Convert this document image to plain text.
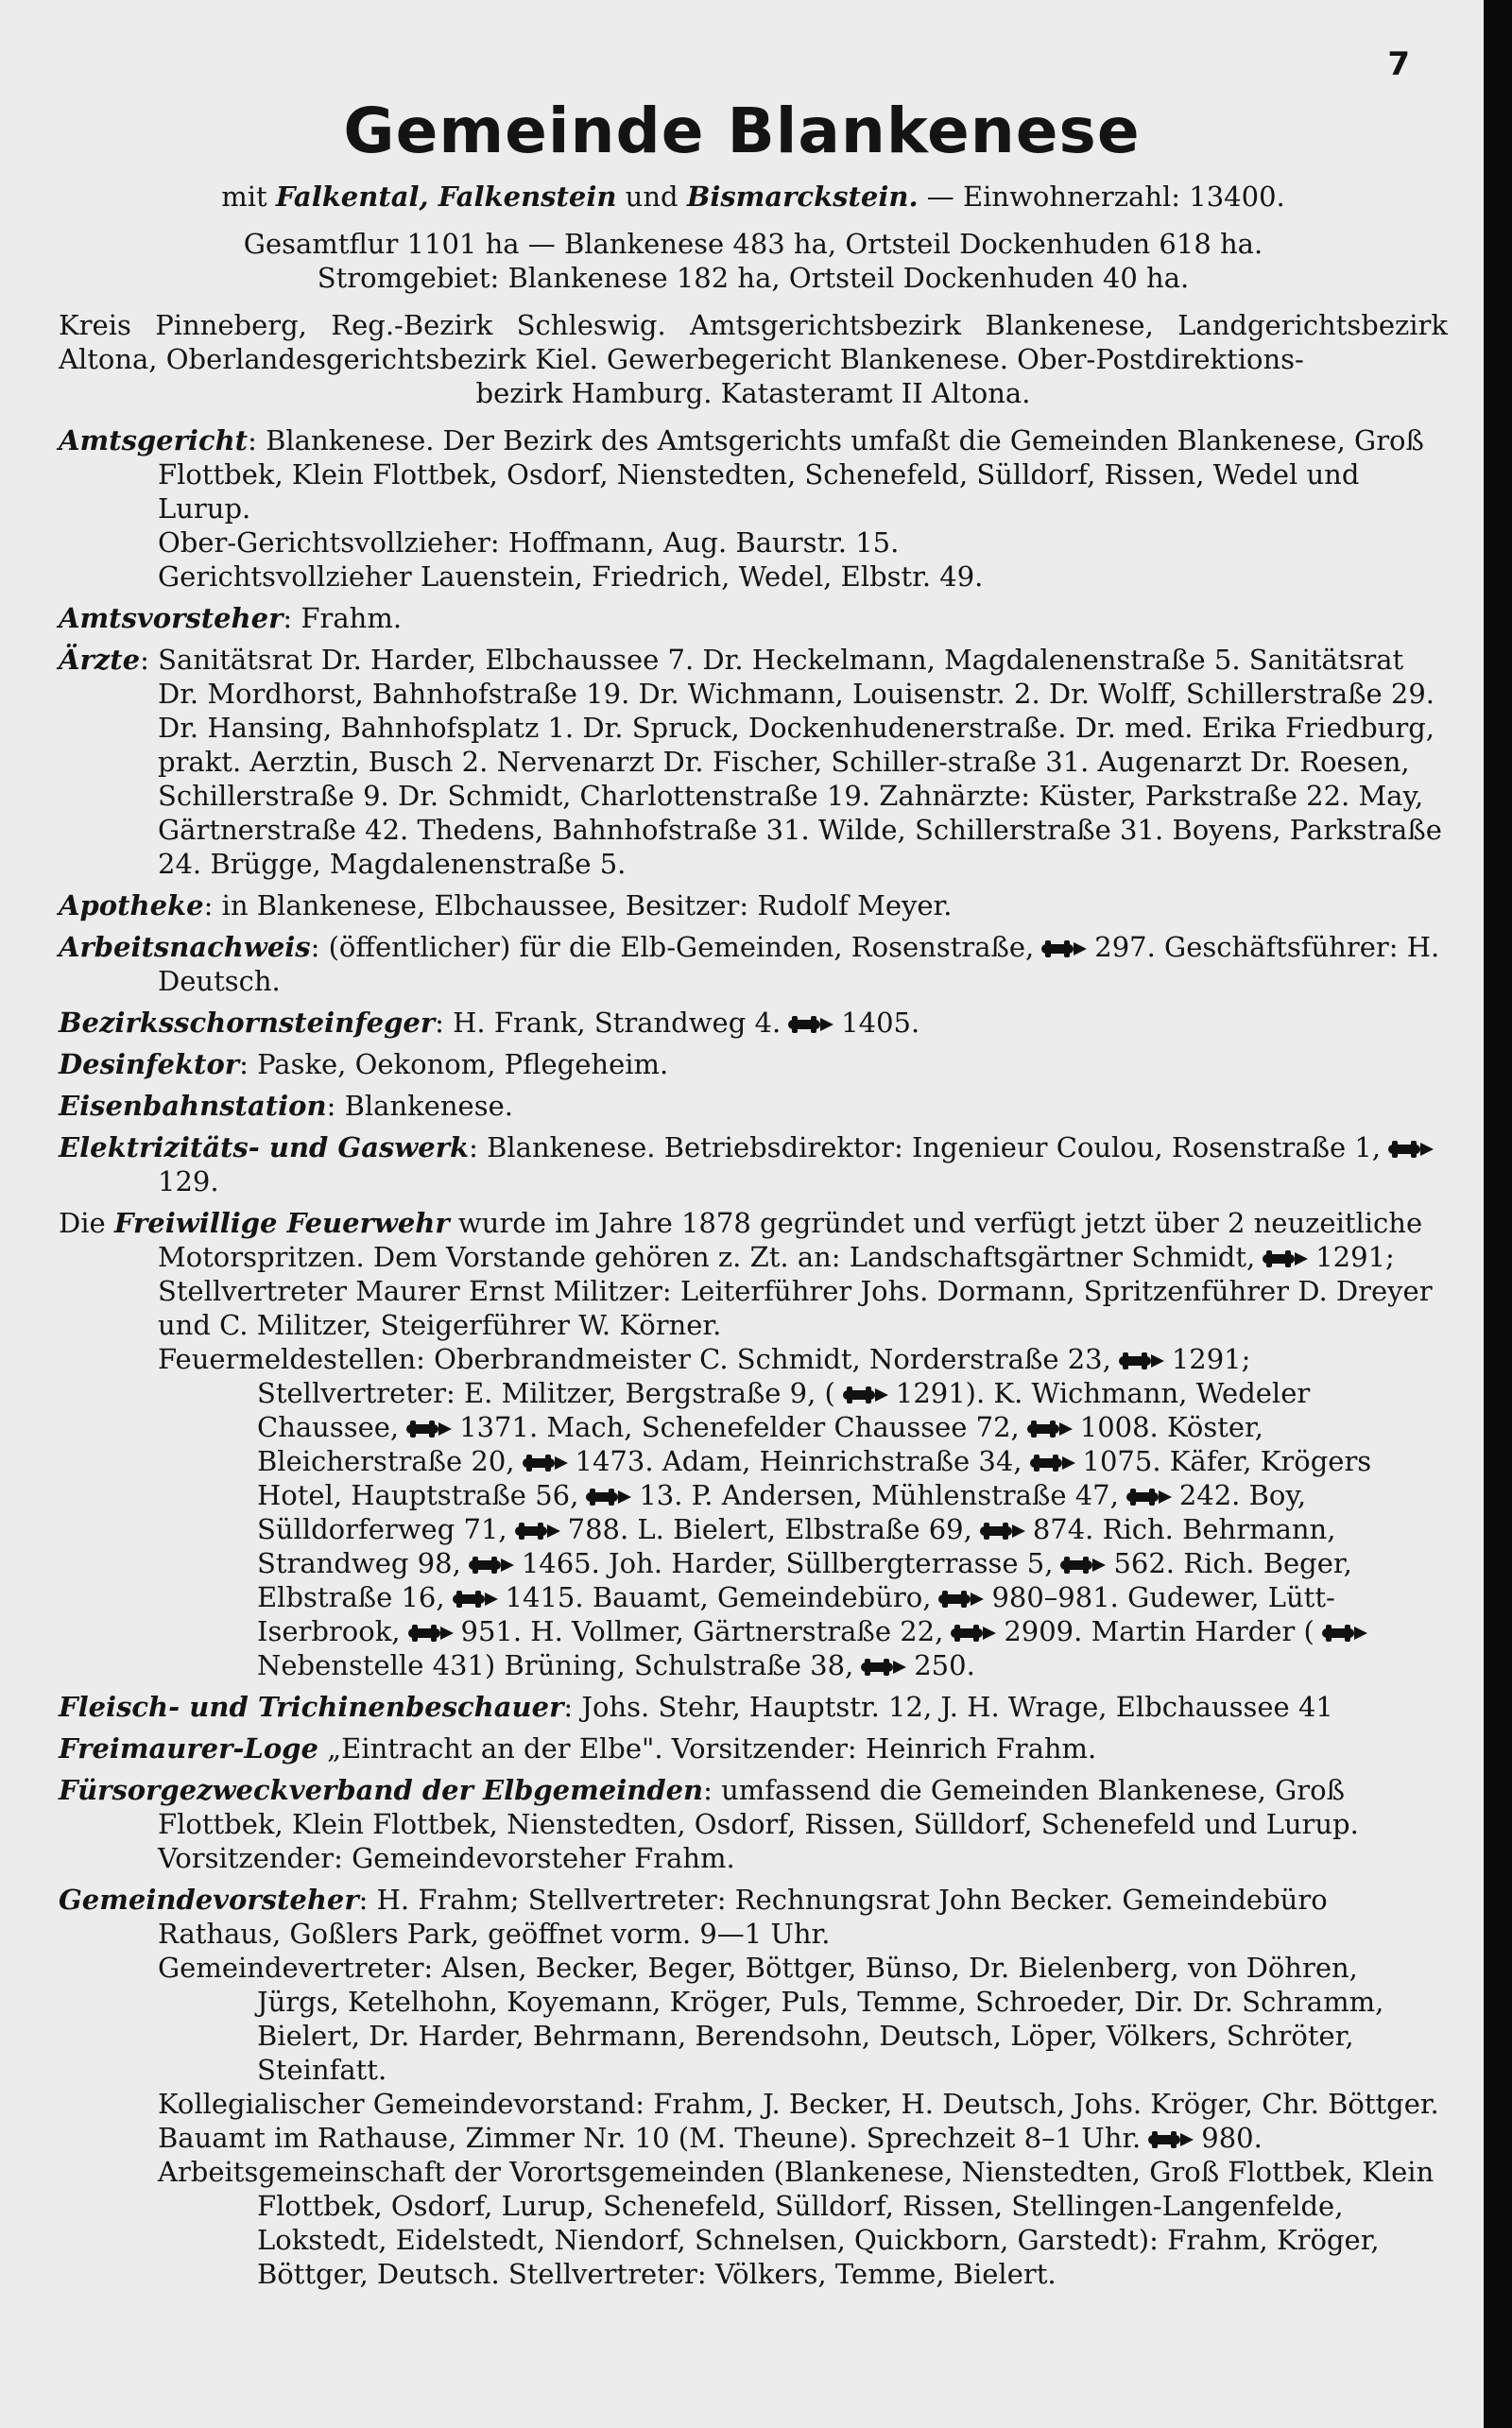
7
Gemeinde Blankenese
mit Falkental, Falkenstein und Bismarckstein. — Einwohnerzahl: 13400.
Gesamtflur 1101 ha — Blankenese 483 ha, Ortsteil Dockenhuden 618 ha.
Stromgebiet: Blankenese 182 ha, Ortsteil Dockenhuden 40 ha.
Kreis Pinneberg, Reg.-Bezirk Schleswig. Amtsgerichtsbezirk Blankenese, Landgerichtsbezirk Altona, Oberlandesgerichtsbezirk Kiel. Gewerbegericht Blankenese. Ober-Postdirektions-
bezirk Hamburg. Katasteramt II Altona.
Amtsgericht: Blankenese. Der Bezirk des Amtsgerichts umfaßt die Gemeinden Blankenese, Groß Flottbek, Klein Flottbek, Osdorf, Nienstedten, Schenefeld, Sülldorf, Rissen, Wedel und Lurup.
Ober-Gerichtsvollzieher: Hoffmann, Aug. Baurstr. 15.
Gerichtsvollzieher Lauenstein, Friedrich, Wedel, Elbstr. 49.
Amtsvorsteher: Frahm.
Ärzte: Sanitätsrat Dr. Harder, Elbchaussee 7. Dr. Heckelmann, Magdalenenstraße 5. Sanitätsrat Dr. Mordhorst, Bahnhofstraße 19. Dr. Wichmann, Louisenstr. 2. Dr. Wolff, Schillerstraße 29. Dr. Hansing, Bahnhofsplatz 1. Dr. Spruck, Dockenhudenerstraße. Dr. med. Erika Friedburg, prakt. Aerztin, Busch 2. Nervenarzt Dr. Fischer, Schiller-straße 31. Augenarzt Dr. Roesen, Schillerstraße 9. Dr. Schmidt, Charlottenstraße 19. Zahnärzte: Küster, Parkstraße 22. May, Gärtnerstraße 42. Thedens, Bahnhofstraße 31. Wilde, Schillerstraße 31. Boyens, Parkstraße 24. Brügge, Magdalenenstraße 5.
Apotheke: in Blankenese, Elbchaussee, Besitzer: Rudolf Meyer.
Arbeitsnachweis: (öffentlicher) für die Elb-Gemeinden, Rosenstraße, 297. Geschäftsführer: H. Deutsch.
Bezirksschornsteinfeger: H. Frank, Strandweg 4. 1405.
Desinfektor: Paske, Oekonom, Pflegeheim.
Eisenbahnstation: Blankenese.
Elektrizitäts- und Gaswerk: Blankenese. Betriebsdirektor: Ingenieur Coulou, Rosenstraße 1,129.
Die Freiwillige Feuerwehr wurde im Jahre 1878 gegründet und verfügt jetzt über 2 neuzeitliche Motorspritzen. Dem Vorstande gehören z. Zt. an: Landschaftsgärtner Schmidt, 1291; Stellvertreter Maurer Ernst Militzer: Leiterführer Johs. Dormann, Spritzenführer D. Dreyer und C. Militzer, Steigerführer W. Körner.
Feuermeldestellen: Oberbrandmeister C. Schmidt, Norderstraße 23, 1291; Stellvertreter: E. Militzer, Bergstraße 9, ( 1291). K. Wichmann, Wedeler Chaussee, 1371. Mach, Schenefelder Chaussee 72, 1008. Köster, Bleicherstraße 20, 1473. Adam, Heinrichstraße 34, 1075. Käfer, Krögers Hotel, Hauptstraße 56, 13. P. Andersen, Mühlenstraße 47, 242. Boy, Sülldorferweg 71, 788. L. Bielert, Elbstraße 69, 874. Rich. Behrmann, Strandweg 98, 1465. Joh. Harder, Süllbergterrasse 5, 562. Rich. Beger, Elbstraße 16, 1415. Bauamt, Gemeindebüro, 980–981. Gudewer, Lütt-Iserbrook, 951. H. Vollmer, Gärtnerstraße 22, 2909. Martin Harder (Nebenstelle 431) Brüning, Schulstraße 38, 250.
Fleisch- und Trichinenbeschauer: Johs. Stehr, Hauptstr. 12, J. H. Wrage, Elbchaussee 41
Freimaurer-Loge „Eintracht an der Elbe". Vorsitzender: Heinrich Frahm.
Fürsorgezweckverband der Elbgemeinden: umfassend die Gemeinden Blankenese, Groß Flottbek, Klein Flottbek, Nienstedten, Osdorf, Rissen, Sülldorf, Schenefeld und Lurup. Vorsitzender: Gemeindevorsteher Frahm.
Gemeindevorsteher: H. Frahm; Stellvertreter: Rechnungsrat John Becker. Gemeindebüro Rathaus, Goßlers Park, geöffnet vorm. 9—1 Uhr.
Gemeindevertreter: Alsen, Becker, Beger, Böttger, Bünso, Dr. Bielenberg, von Döhren, Jürgs, Ketelhohn, Koyemann, Kröger, Puls, Temme, Schroeder, Dir. Dr. Schramm, Bielert, Dr. Harder, Behrmann, Berendsohn, Deutsch, Löper, Völkers, Schröter, Steinfatt.
Kollegialischer Gemeindevorstand: Frahm, J. Becker, H. Deutsch, Johs. Kröger, Chr. Böttger.
Bauamt im Rathause, Zimmer Nr. 10 (M. Theune). Sprechzeit 8–1 Uhr. 980.
Arbeitsgemeinschaft der Vorortsgemeinden (Blankenese, Nienstedten, Groß Flottbek, Klein Flottbek, Osdorf, Lurup, Schenefeld, Sülldorf, Rissen, Stellingen-Langenfelde, Lokstedt, Eidelstedt, Niendorf, Schnelsen, Quickborn, Garstedt): Frahm, Kröger, Böttger, Deutsch. Stellvertreter: Völkers, Temme, Bielert.
